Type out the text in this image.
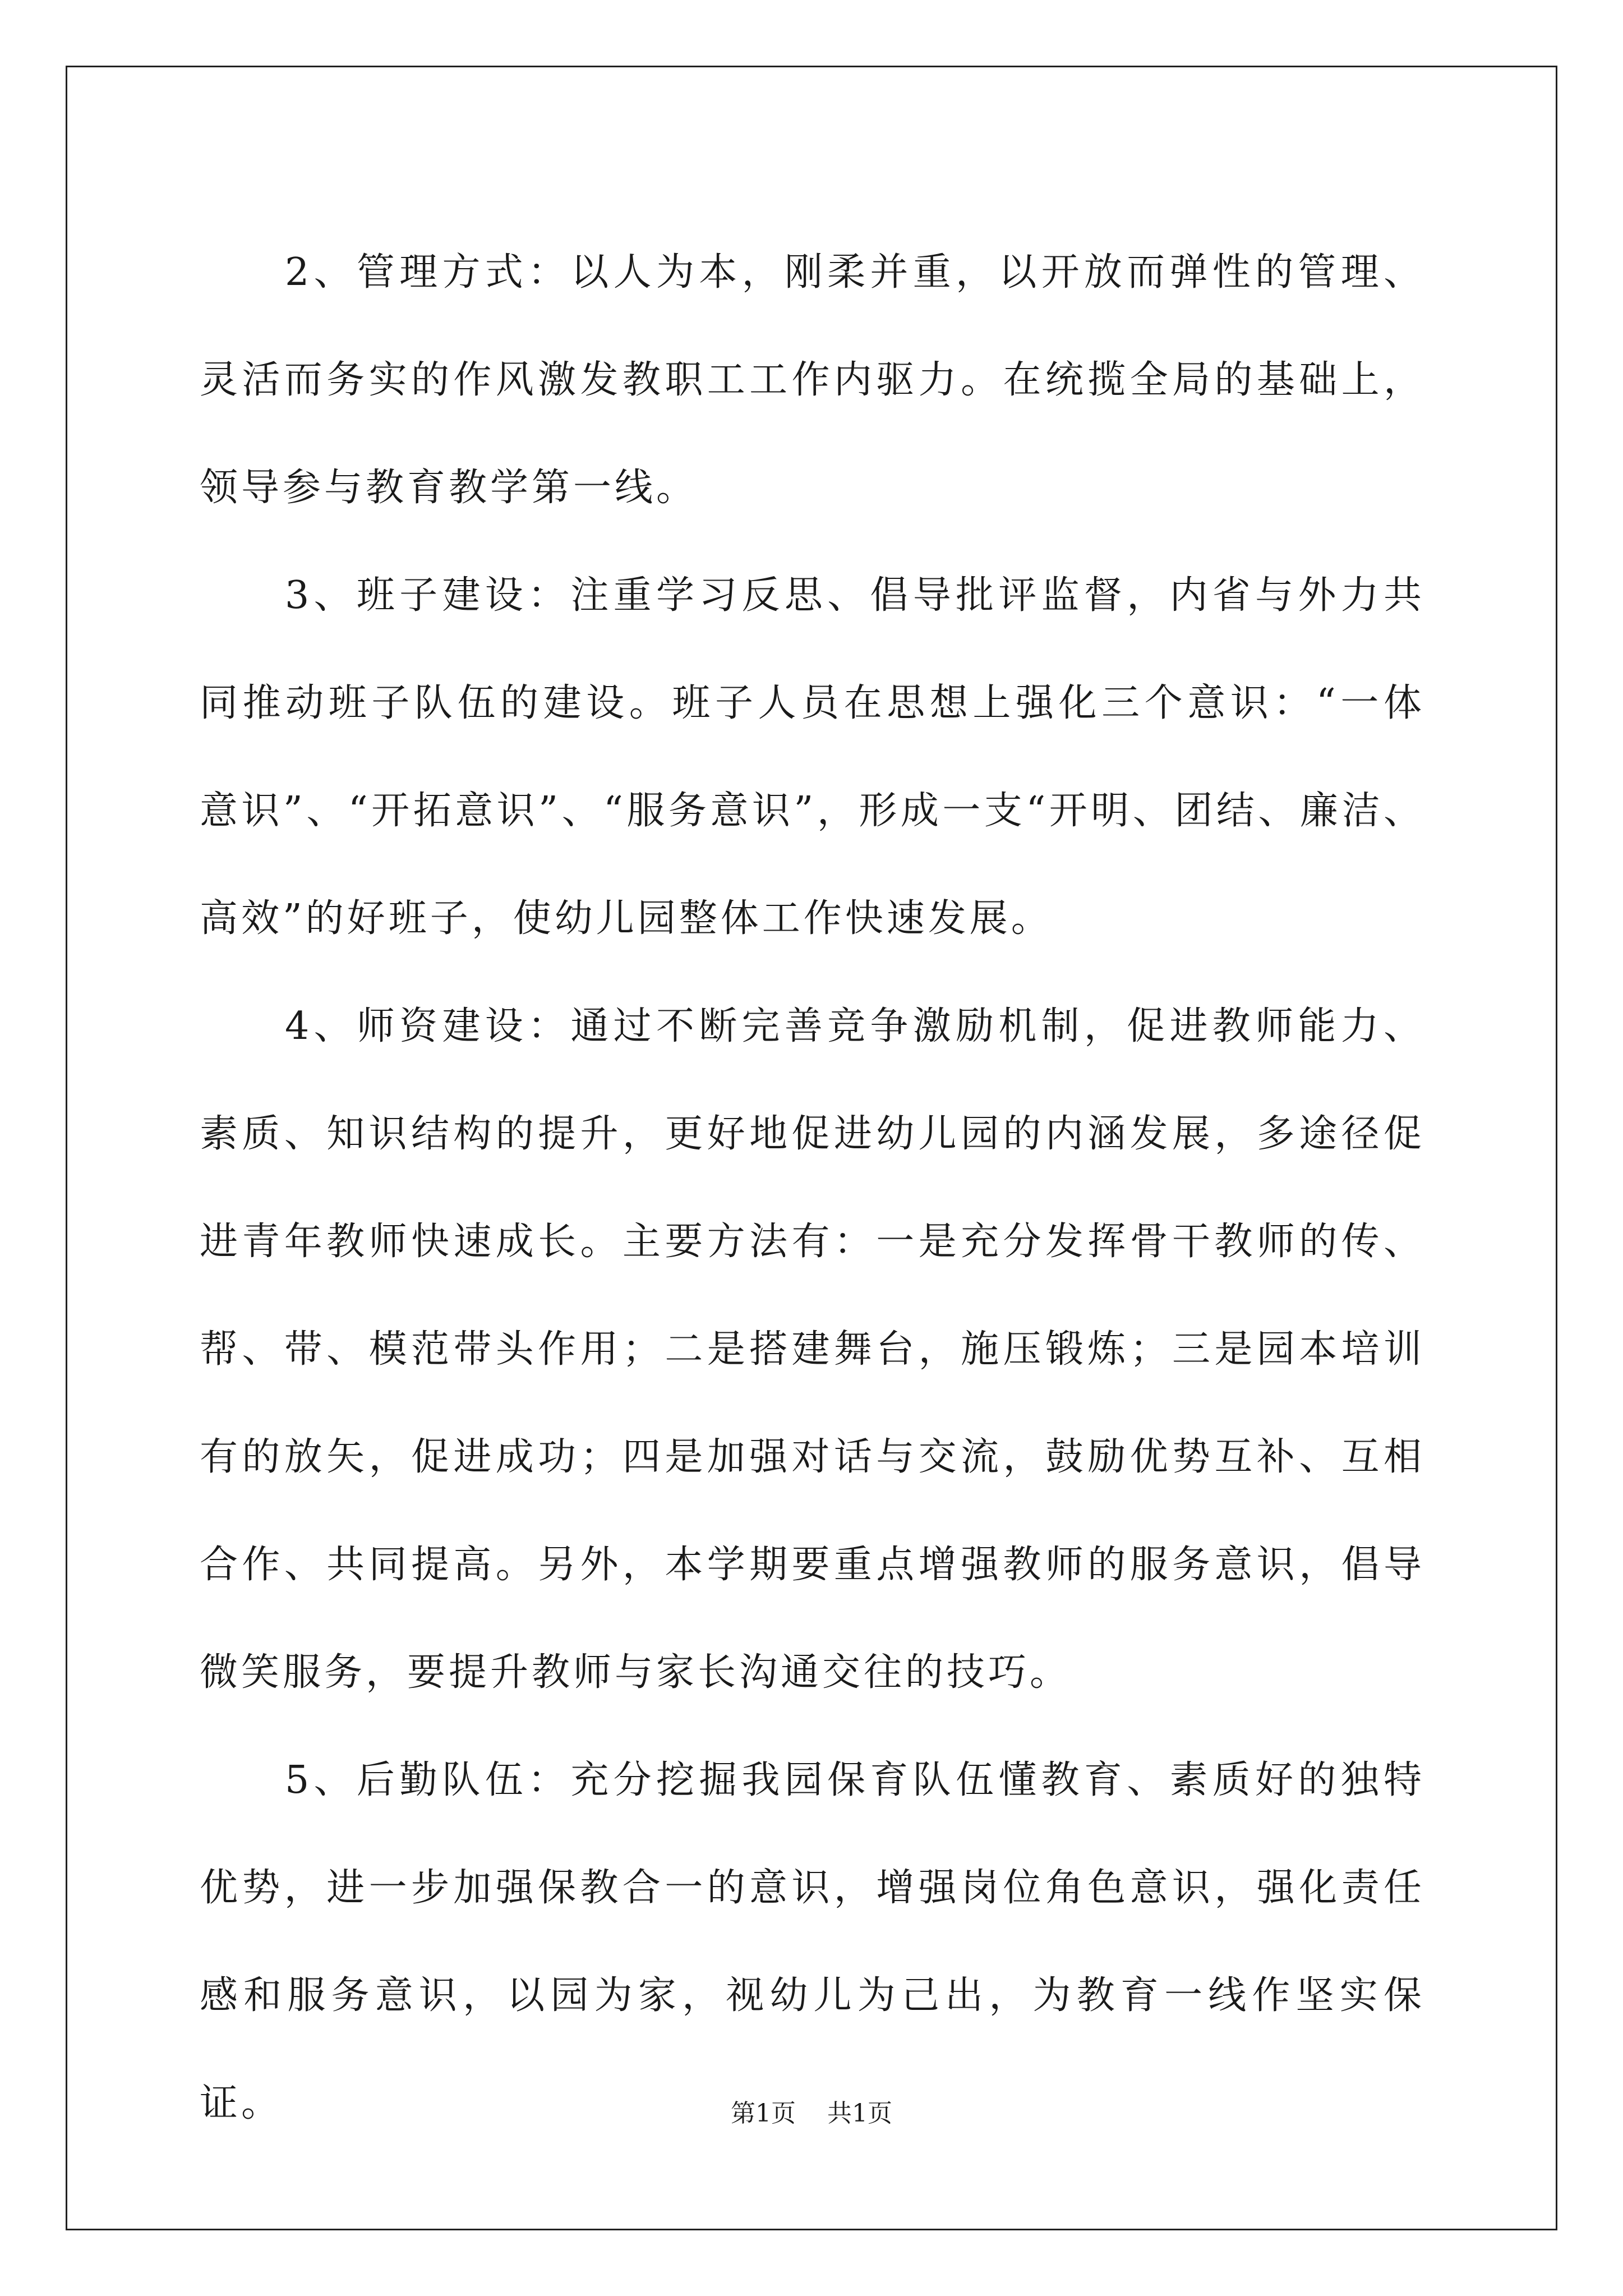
2、管理方式：以人为本，刚柔并重，以开放而弹性的管理、灵活而务实的作风激发教职工工作内驱力。在统揽全局的基础上，领导参与教育教学第一线。

3、班子建设：注重学习反思、倡导批评监督，内省与外力共同推动班子队伍的建设。班子人员在思想上强化三个意识：“一体意识”、“开拓意识”、“服务意识”，形成一支“开明、团结、廉洁、高效”的好班子，使幼儿园整体工作快速发展。

4、师资建设：通过不断完善竞争激励机制，促进教师能力、素质、知识结构的提升，更好地促进幼儿园的内涵发展，多途径促进青年教师快速成长。主要方法有：一是充分发挥骨干教师的传、帮、带、模范带头作用；二是搭建舞台，施压锻炼；三是园本培训有的放矢，促进成功；四是加强对话与交流，鼓励优势互补、互相合作、共同提高。另外，本学期要重点增强教师的服务意识，倡导微笑服务，要提升教师与家长沟通交往的技巧。

5、后勤队伍：充分挖掘我园保育队伍懂教育、素质好的独特优势，进一步加强保教合一的意识，增强岗位角色意识，强化责任感和服务意识，以园为家，视幼儿为己出，为教育一线作坚实保证。	第1页 共1页
